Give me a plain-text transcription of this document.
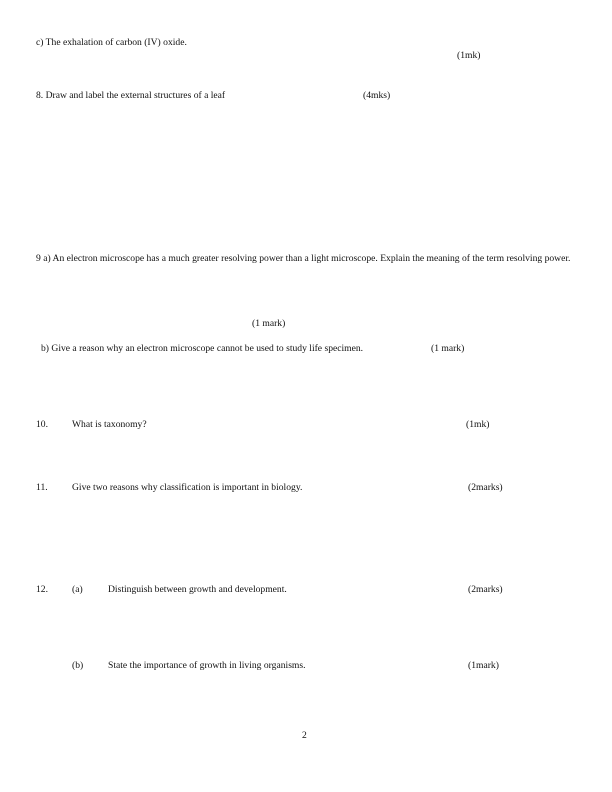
c) The exhalation of carbon (IV) oxide.
(1mk)
8. Draw and label the external structures of a leaf	(4mks)
9 a) An electron microscope has a much greater resolving power than a light microscope. Explain the meaning of the term resolving power.
(1 mark)
b) Give a reason why an electron microscope cannot be used to study life specimen.	(1 mark)
10.	What is taxonomy?	(1mk)
11.	Give two reasons why classification is important in biology.	(2marks)
12.	(a)	Distinguish between growth and development.	(2marks)
(b)	State the importance of growth in living organisms.	(1mark)
2
